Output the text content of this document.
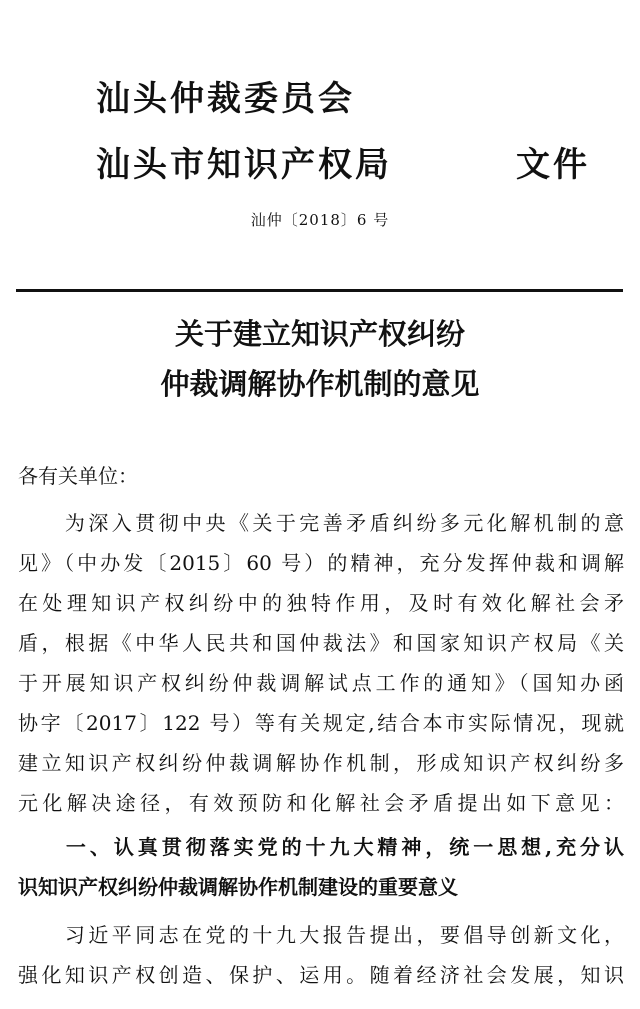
汕头仲裁委员会
汕头市知识产权局	文件
汕仲〔2018〕6 号
关于建立知识产权纠纷
仲裁调解协作机制的意见
各有关单位：
　　为深入贯彻中央《关于完善矛盾纠纷多元化解机制的意
见》（中办发〔2015〕60 号）的精神，充分发挥仲裁和调解
在处理知识产权纠纷中的独特作用，及时有效化解社会矛
盾，根据《中华人民共和国仲裁法》和国家知识产权局《关
于开展知识产权纠纷仲裁调解试点工作的通知》（国知办函
协字〔2017〕122 号）等有关规定,结合本市实际情况，现就
建立知识产权纠纷仲裁调解协作机制，形成知识产权纠纷多
元化解决途径，有效预防和化解社会矛盾提出如下意见：
　　一、认真贯彻落实党的十九大精神，统一思想,充分认
识知识产权纠纷仲裁调解协作机制建设的重要意义
　　习近平同志在党的十九大报告提出，要倡导创新文化，
强化知识产权创造、保护、运用。随着经济社会发展，知识
